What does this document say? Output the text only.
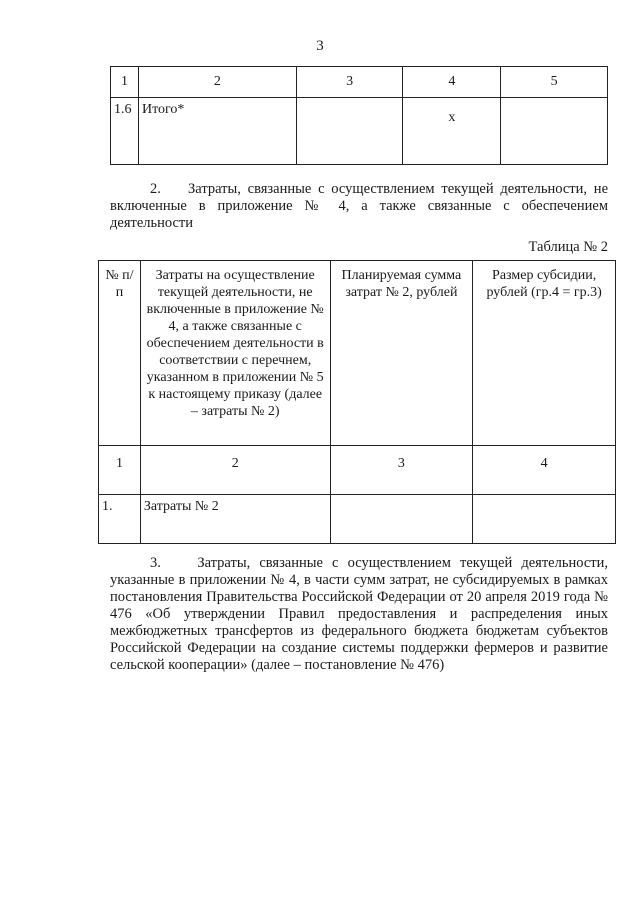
3
1	2	3	4	5
1.6	Итого*		x	
2. Затраты, связанные с осуществлением текущей деятельности, не включенные в приложение № 4, а также связанные с обеспечением деятельности
Таблица № 2
№ п/п	Затраты на осуществление текущей деятельности, не включенные в приложение № 4, а также связанные с обеспечением деятельности в соответствии с перечнем, указанном в приложении № 5 к настоящему приказу (далее – затраты № 2)	Планируемая сумма затрат № 2, рублей	Размер субсидии, рублей (гр.4 = гр.3)
1	2	3	4
1.	Затраты № 2		
3.	Затраты, связанные с осуществлением текущей деятельности, указанные в приложении № 4, в части сумм затрат, не субсидируемых в рамках постановления Правительства Российской Федерации от 20 апреля 2019 года № 476 «Об утверждении Правил предоставления и распределения иных межбюджетных трансфертов из федерального бюджета бюджетам субъектов Российской Федерации на создание системы поддержки фермеров и развитие сельской кооперации» (далее – постановление № 476)
